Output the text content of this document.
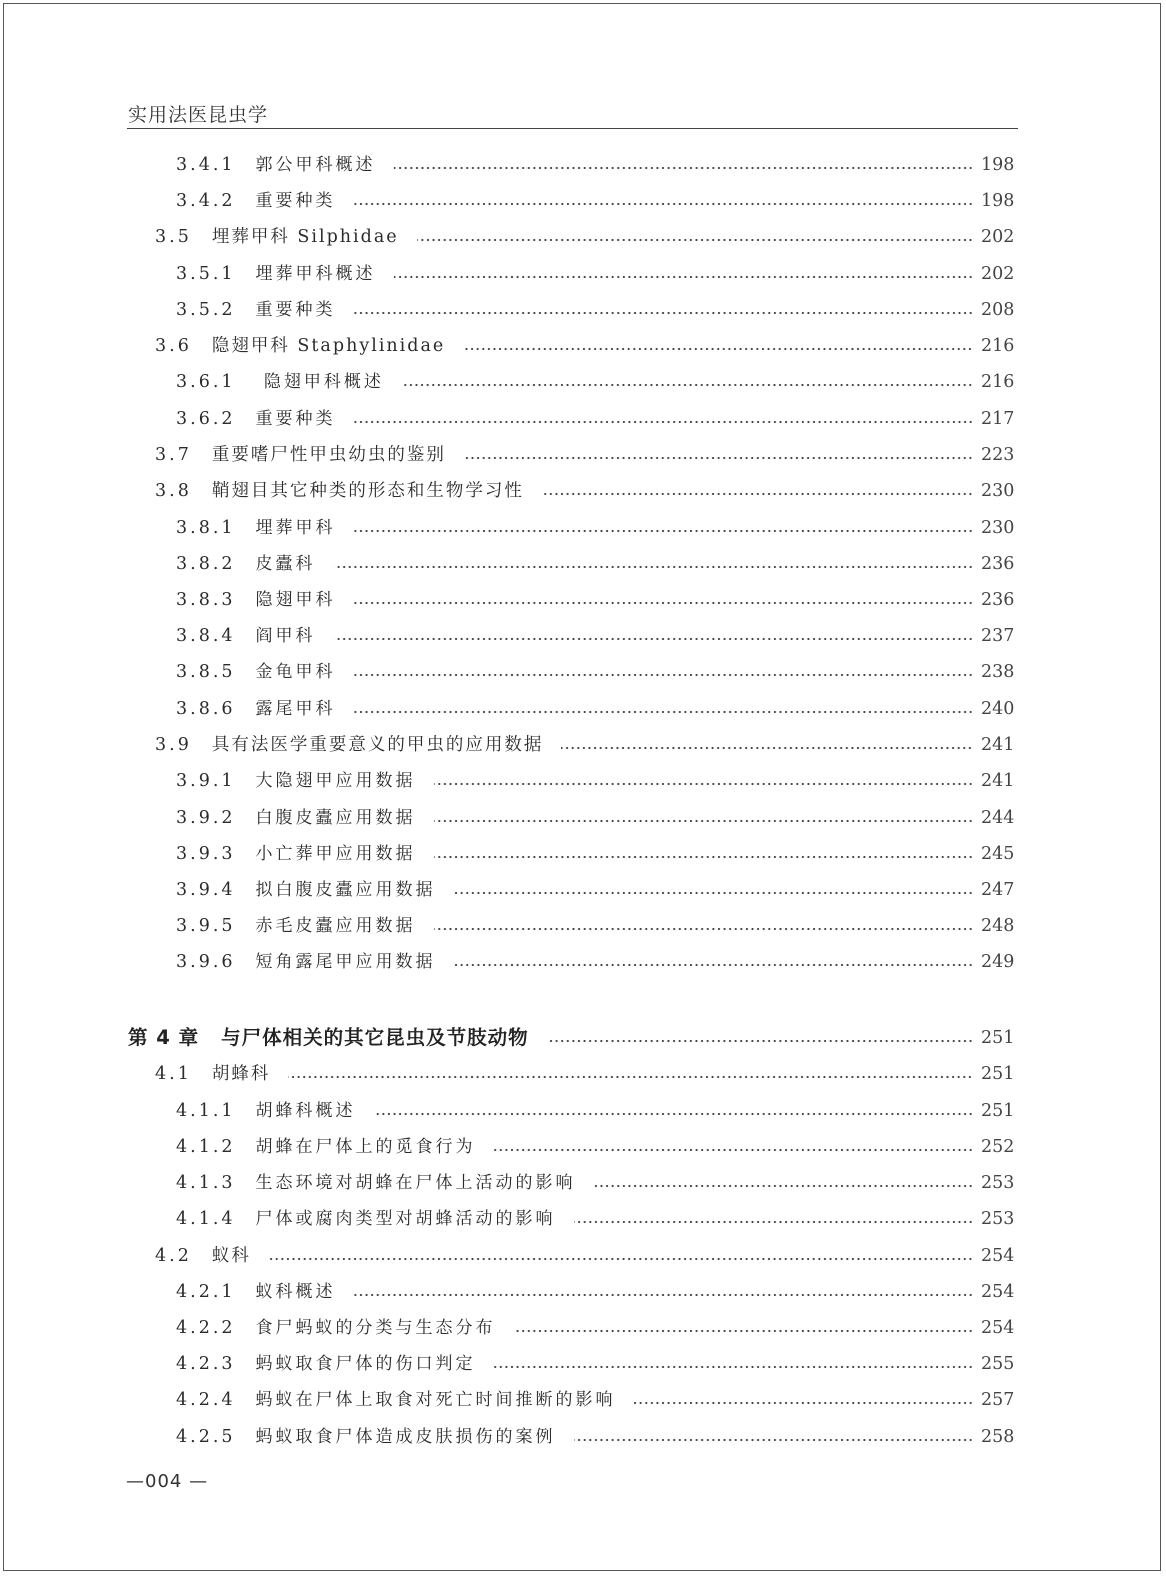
实用法医昆虫学
3.4.1 郭公甲科概述	198
3.4.2 重要种类	198
3.5 埋葬甲科 Silphidae	202
3.5.1 埋葬甲科概述	202
3.5.2 重要种类	208
3.6 隐翅甲科 Staphylinidae	216
3.6.1 隐翅甲科概述	216
3.6.2 重要种类	217
3.7 重要嗜尸性甲虫幼虫的鉴别	223
3.8 鞘翅目其它种类的形态和生物学习性	230
3.8.1 埋葬甲科	230
3.8.2 皮蠹科	236
3.8.3 隐翅甲科	236
3.8.4 阎甲科	237
3.8.5 金龟甲科	238
3.8.6 露尾甲科	240
3.9 具有法医学重要意义的甲虫的应用数据	241
3.9.1 大隐翅甲应用数据	241
3.9.2 白腹皮蠹应用数据	244
3.9.3 小亡葬甲应用数据	245
3.9.4 拟白腹皮蠹应用数据	247
3.9.5 赤毛皮蠹应用数据	248
3.9.6 短角露尾甲应用数据	249
第 4 章 与尸体相关的其它昆虫及节肢动物	251
4.1 胡蜂科	251
4.1.1 胡蜂科概述	251
4.1.2 胡蜂在尸体上的觅食行为	252
4.1.3 生态环境对胡蜂在尸体上活动的影响	253
4.1.4 尸体或腐肉类型对胡蜂活动的影响	253
4.2 蚁科	254
4.2.1 蚁科概述	254
4.2.2 食尸蚂蚁的分类与生态分布	254
4.2.3 蚂蚁取食尸体的伤口判定	255
4.2.4 蚂蚁在尸体上取食对死亡时间推断的影响	257
4.2.5 蚂蚁取食尸体造成皮肤损伤的案例	258
—004 —
